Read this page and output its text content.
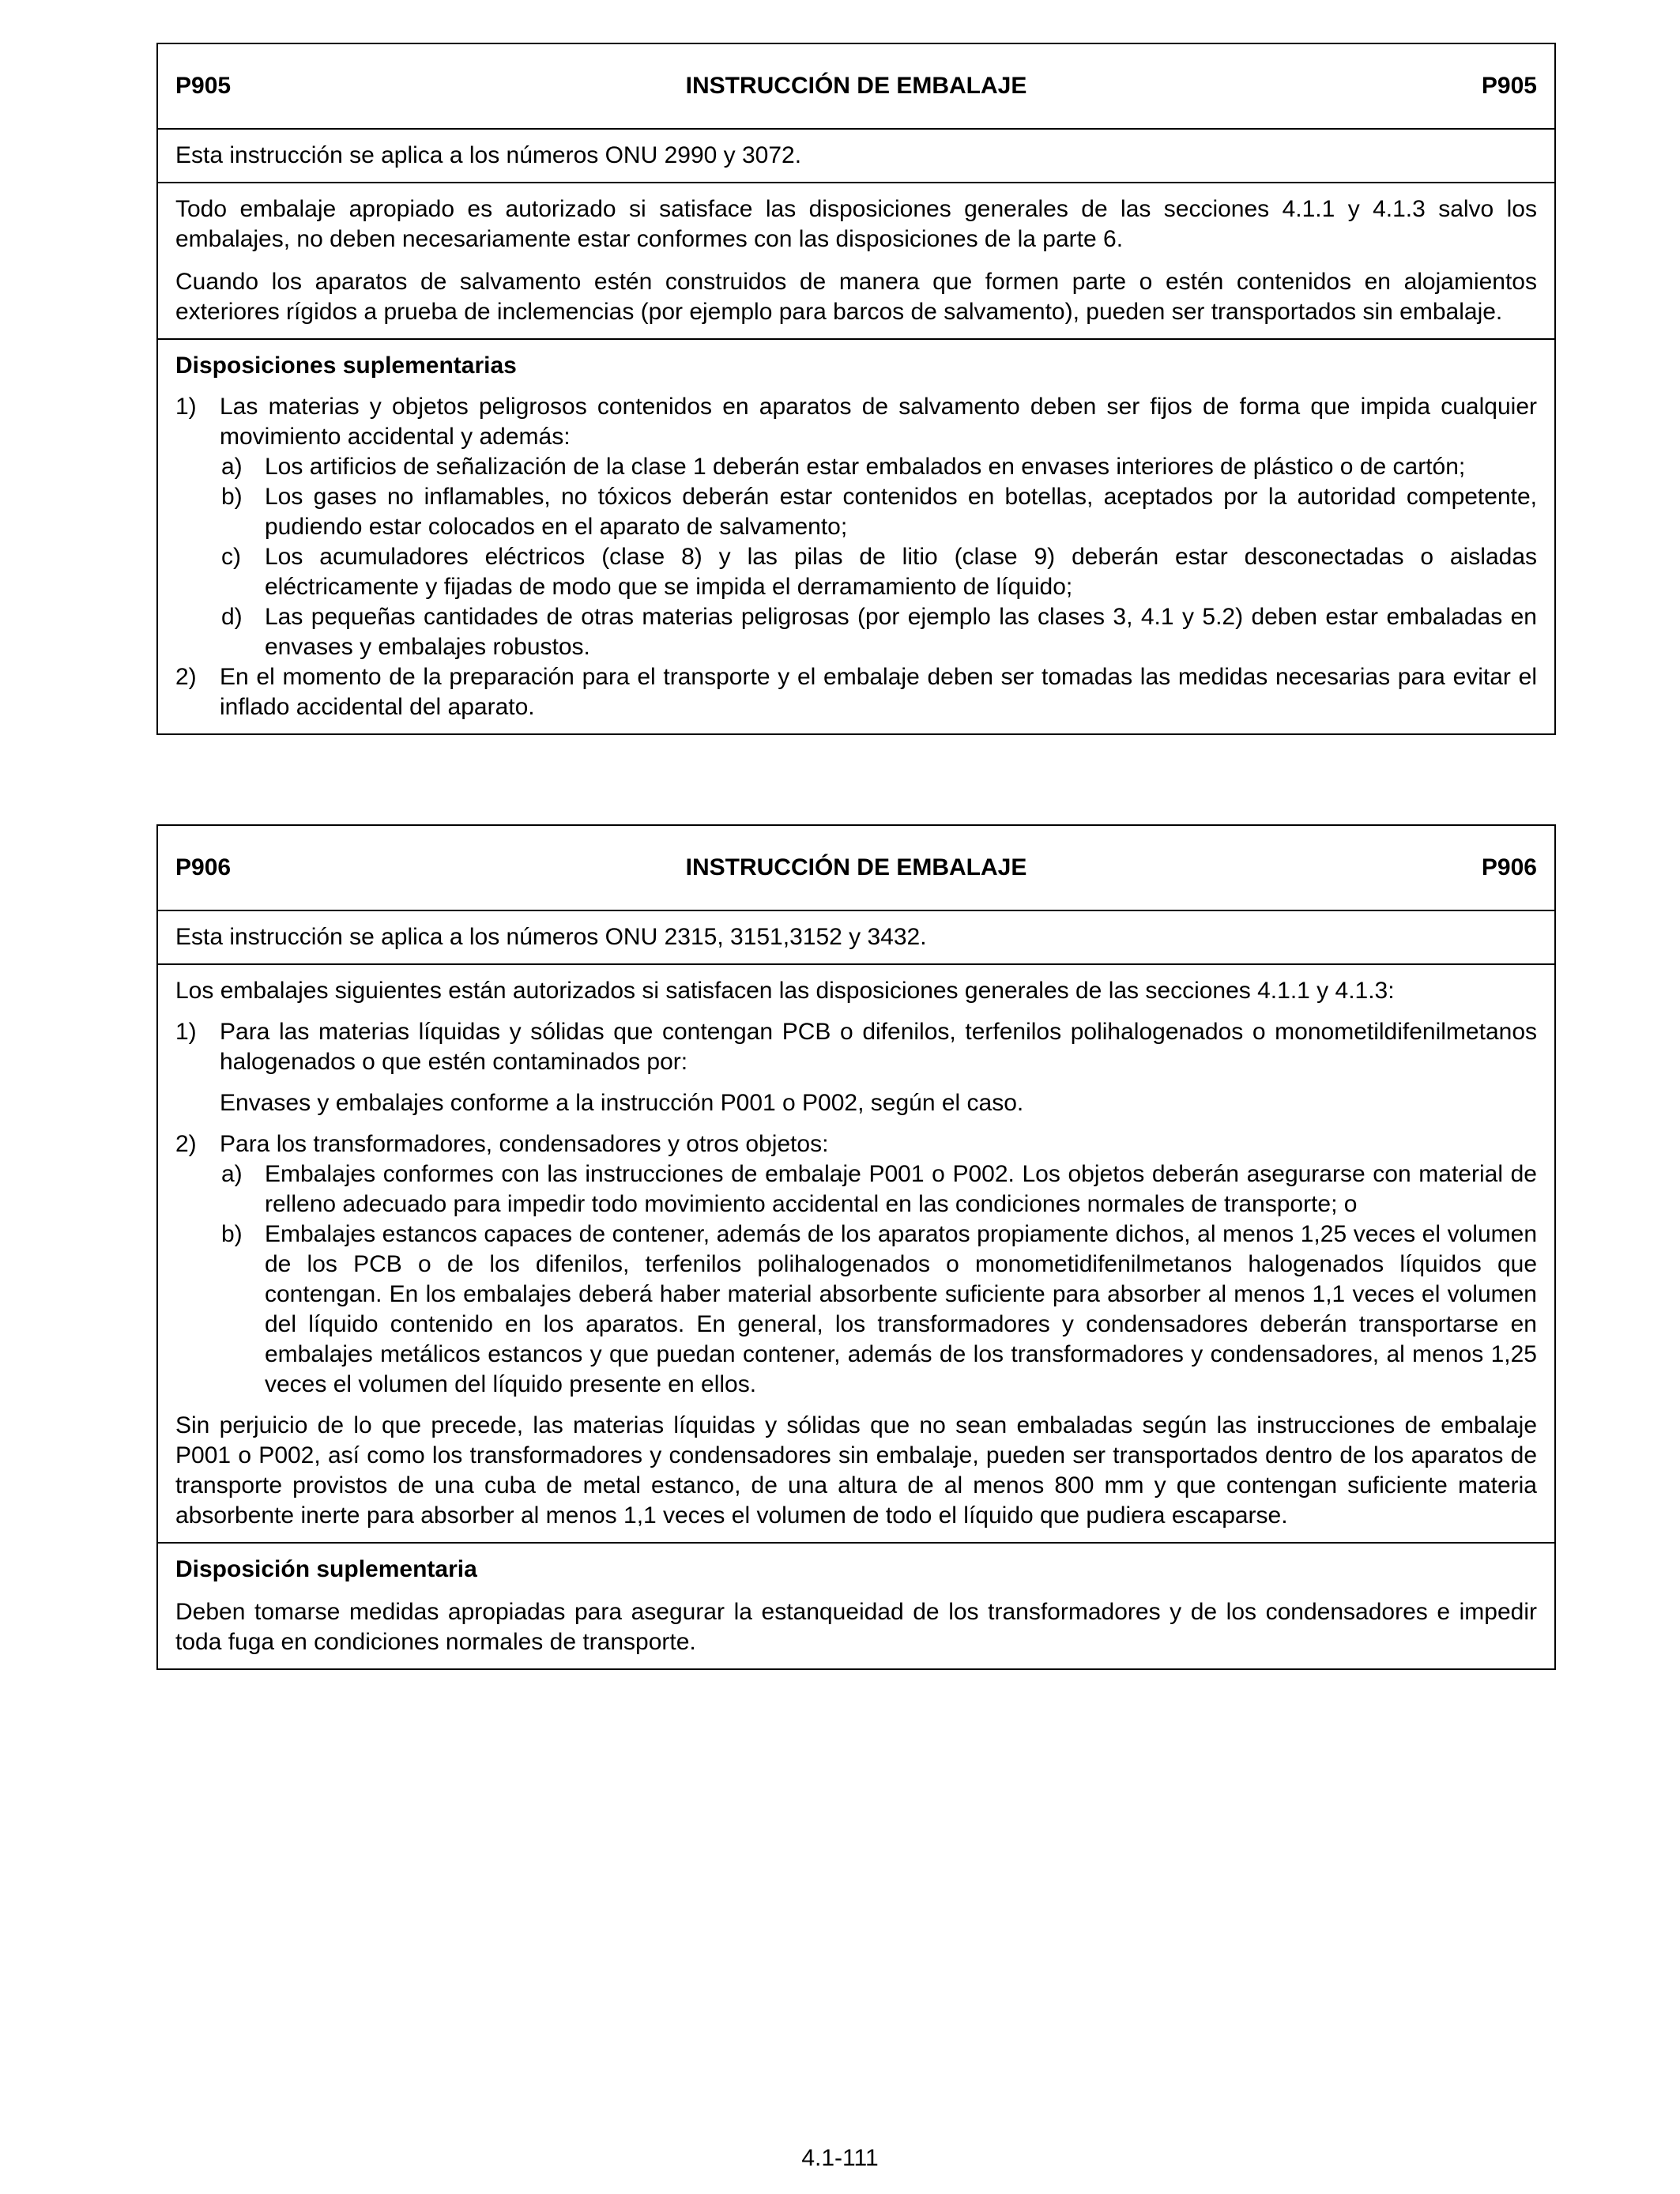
P905	INSTRUCCIÓN DE EMBALAJE	P905

Esta instrucción se aplica a los números ONU 2990 y 3072.

Todo embalaje apropiado es autorizado si satisface las disposiciones generales de las secciones 4.1.1 y 4.1.3 salvo los embalajes, no deben necesariamente estar conformes con las disposiciones de la parte 6.

Cuando los aparatos de salvamento estén construidos de manera que formen parte o estén contenidos en alojamientos exteriores rígidos a prueba de inclemencias (por ejemplo para barcos de salvamento), pueden ser transportados sin embalaje.

Disposiciones suplementarias

1) Las materias y objetos peligrosos contenidos en aparatos de salvamento deben ser fijos de forma que impida cualquier movimiento accidental y además:
a) Los artificios de señalización de la clase 1 deberán estar embalados en envases interiores de plástico o de cartón;
b) Los gases no inflamables, no tóxicos deberán estar contenidos en botellas, aceptados por la autoridad competente, pudiendo estar colocados en el aparato de salvamento;
c)	Los acumuladores eléctricos (clase 8) y las pilas de litio (clase 9) deberán estar desconectadas o aisladas eléctricamente y fijadas de modo que se impida el derramamiento de líquido;
d) Las pequeñas cantidades de otras materias peligrosas (por ejemplo las clases 3, 4.1 y 5.2) deben estar embaladas en envases y embalajes robustos.
2) En el momento de la preparación para el transporte y el embalaje deben ser tomadas las medidas necesarias para evitar el inflado accidental del aparato.
P906	INSTRUCCIÓN DE EMBALAJE	P906

Esta instrucción se aplica a los números ONU 2315, 3151,3152 y 3432.

Los embalajes siguientes están autorizados si satisfacen las disposiciones generales de las secciones 4.1.1 y 4.1.3:

1) Para las materias líquidas y sólidas que contengan PCB o difenilos, terfenilos polihalogenados o monometildifenilmetanos halogenados o que estén contaminados por:

Envases y embalajes conforme a la instrucción P001 o P002, según el caso.

2) Para los transformadores, condensadores y otros objetos:
a) Embalajes conformes con las instrucciones de embalaje P001 o P002. Los objetos deberán asegurarse con material de relleno adecuado para impedir todo movimiento accidental en las condiciones normales de transporte; o
b) Embalajes estancos capaces de contener, además de los aparatos propiamente dichos, al menos 1,25 veces el volumen de los PCB o de los difenilos, terfenilos polihalogenados o monometidifenilmetanos halogenados líquidos que contengan. En los embalajes deberá haber material absorbente suficiente para absorber al menos 1,1 veces el volumen del líquido contenido en los aparatos. En general, los transformadores y condensadores deberán transportarse en embalajes metálicos estancos y que puedan contener, además de los transformadores y condensadores, al menos 1,25 veces el volumen del líquido presente en ellos.

Sin perjuicio de lo que precede, las materias líquidas y sólidas que no sean embaladas según las instrucciones de embalaje P001 o P002, así como los transformadores y condensadores sin embalaje, pueden ser transportados dentro de los aparatos de transporte provistos de una cuba de metal estanco, de una altura de al menos 800 mm y que contengan suficiente materia absorbente inerte para absorber al menos 1,1 veces el volumen de todo el líquido que pudiera escaparse.

Disposición suplementaria

Deben tomarse medidas apropiadas para asegurar la estanqueidad de los transformadores y de los condensadores e impedir toda fuga en condiciones normales de transporte.

4.1-111
